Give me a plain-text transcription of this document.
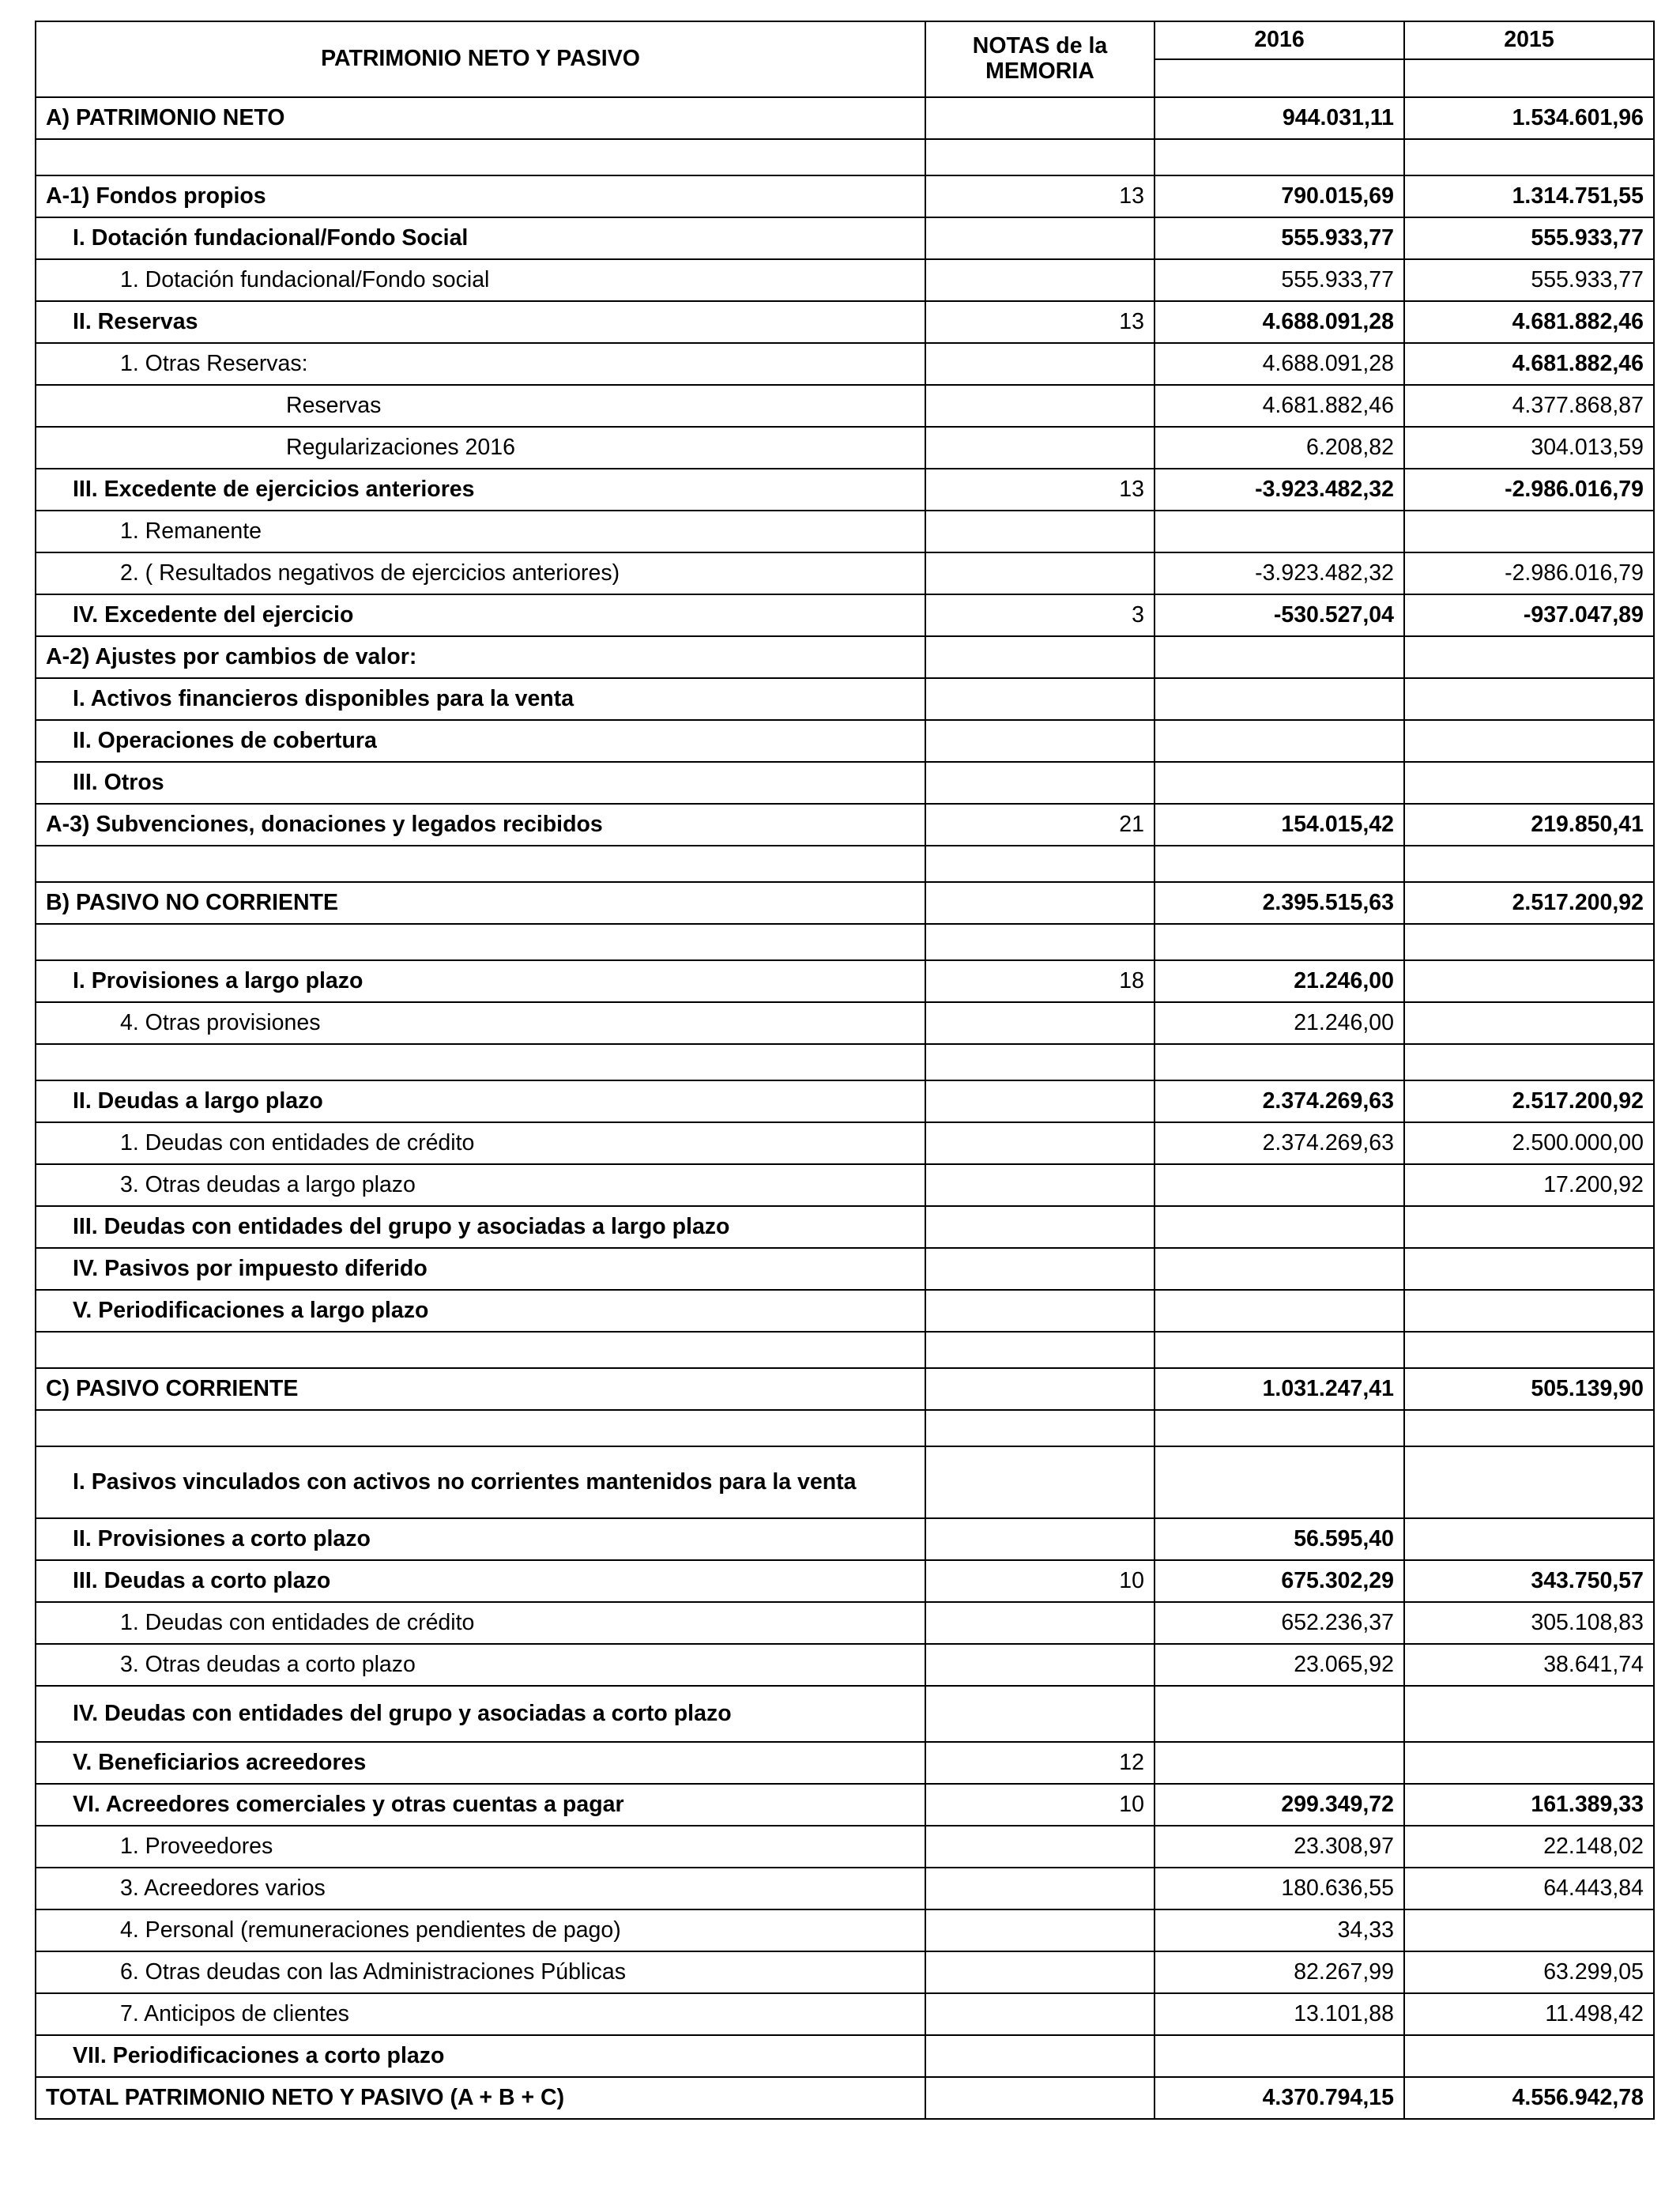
PATRIMONIO NETO Y PASIVO	NOTAS de la MEMORIA	2016	2015

A) PATRIMONIO NETO		944.031,11	1.534.601,96

A-1) Fondos propios	13	790.015,69	1.314.751,55
I. Dotación fundacional/Fondo Social		555.933,77	555.933,77
1. Dotación fundacional/Fondo social		555.933,77	555.933,77
II. Reservas	13	4.688.091,28	4.681.882,46
1. Otras Reservas:		4.688.091,28	4.681.882,46
Reservas		4.681.882,46	4.377.868,87
Regularizaciones 2016		6.208,82	304.013,59
III. Excedente de ejercicios anteriores	13	-3.923.482,32	-2.986.016,79
1. Remanente			
2. ( Resultados negativos de ejercicios anteriores)		-3.923.482,32	-2.986.016,79
IV. Excedente del ejercicio	3	-530.527,04	-937.047,89
A-2) Ajustes por cambios de valor:			
I. Activos financieros disponibles para la venta			
II. Operaciones de cobertura			
III. Otros			
A-3) Subvenciones, donaciones y legados recibidos	21	154.015,42	219.850,41

B) PASIVO NO CORRIENTE		2.395.515,63	2.517.200,92

I. Provisiones a largo plazo	18	21.246,00	
4. Otras provisiones		21.246,00	

II. Deudas a largo plazo		2.374.269,63	2.517.200,92
1. Deudas con entidades de crédito		2.374.269,63	2.500.000,00
3. Otras deudas a largo plazo			17.200,92
III. Deudas con entidades del grupo y asociadas a largo plazo			
IV. Pasivos por impuesto diferido			
V. Periodificaciones a largo plazo			

C) PASIVO CORRIENTE		1.031.247,41	505.139,90

I. Pasivos vinculados con activos no corrientes mantenidos para la venta			
II. Provisiones a corto plazo		56.595,40	
III. Deudas a corto plazo	10	675.302,29	343.750,57
1. Deudas con entidades de crédito		652.236,37	305.108,83
3. Otras deudas a corto plazo		23.065,92	38.641,74
IV. Deudas con entidades del grupo y asociadas a corto plazo			
V. Beneficiarios acreedores	12		
VI. Acreedores comerciales y otras cuentas a pagar	10	299.349,72	161.389,33
1. Proveedores		23.308,97	22.148,02
3. Acreedores varios		180.636,55	64.443,84
4. Personal (remuneraciones pendientes de pago)		34,33	
6. Otras deudas con las Administraciones Públicas		82.267,99	63.299,05
7. Anticipos de clientes		13.101,88	11.498,42
VII. Periodificaciones a corto plazo			
TOTAL PATRIMONIO NETO Y PASIVO (A + B + C)		4.370.794,15	4.556.942,78
